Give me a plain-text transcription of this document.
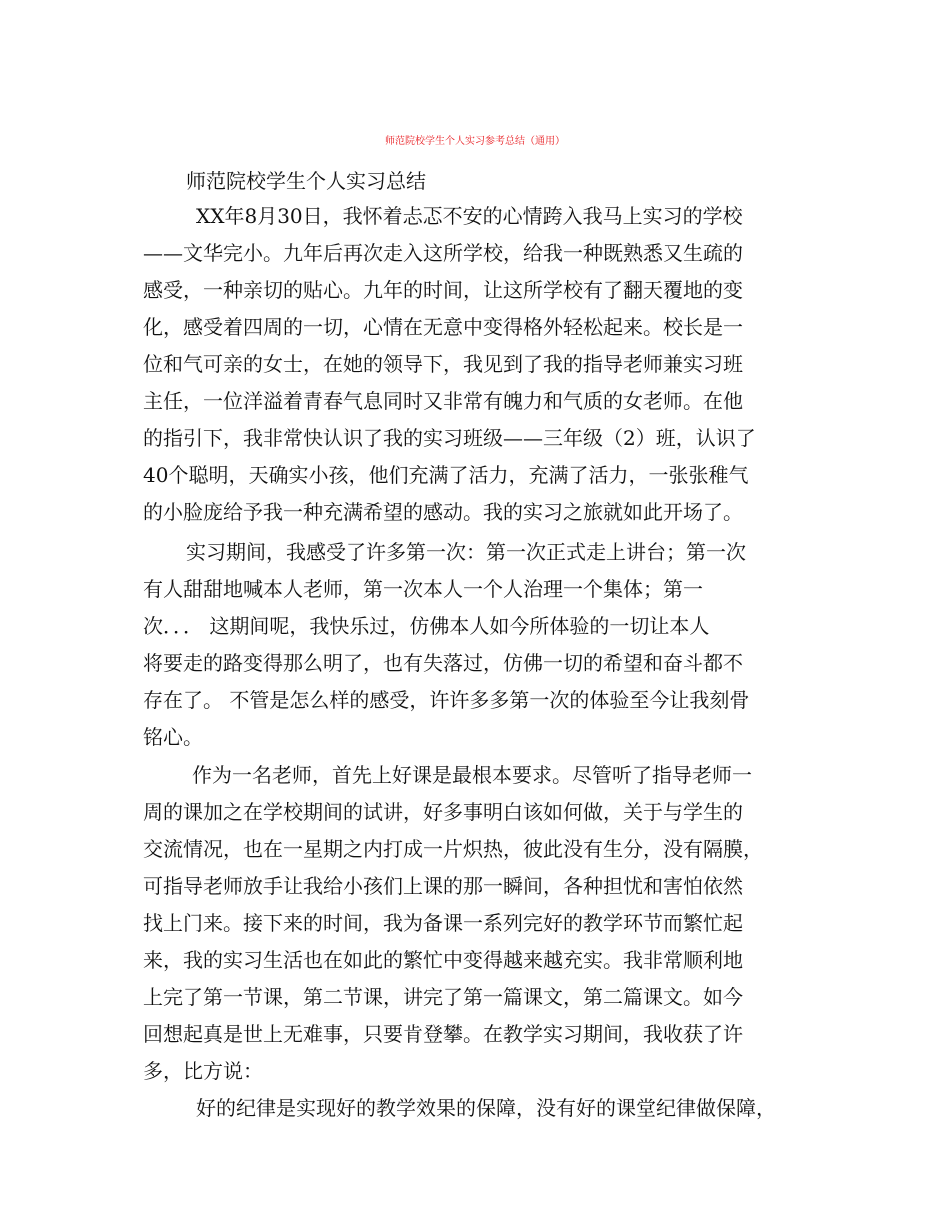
师范院校学生个人实习参考总结（通用）

师范院校学生个人实习总结

XX年8月30日，我怀着忐忑不安的心情跨入我马上实习的学校

——文华完小。九年后再次走入这所学校，给我一种既熟悉又生疏的

感受，一种亲切的贴心。九年的时间，让这所学校有了翻天覆地的变

化，感受着四周的一切，心情在无意中变得格外轻松起来。校长是一

位和气可亲的女士，在她的领导下，我见到了我的指导老师兼实习班

主任，一位洋溢着青春气息同时又非常有魄力和气质的女老师。在他

的指引下，我非常快认识了我的实习班级——三年级（2）班，认识了

40个聪明，天确实小孩，他们充满了活力，充满了活力，一张张稚气

的小脸庞给予我一种充满希望的感动。我的实习之旅就如此开场了。

实习期间，我感受了许多第一次：第一次正式走上讲台；第一次

有人甜甜地喊本人老师，第一次本人一个人治理一个集体；第一

次．．． 这期间呢，我快乐过，仿佛本人如今所体验的一切让本人

将要走的路变得那么明了，也有失落过，仿佛一切的希望和奋斗都不

存在了。 不管是怎么样的感受，许许多多第一次的体验至今让我刻骨

铭心。

作为一名老师，首先上好课是最根本要求。尽管听了指导老师一

周的课加之在学校期间的试讲，好多事明白该如何做，关于与学生的

交流情况，也在一星期之内打成一片炽热，彼此没有生分，没有隔膜，

可指导老师放手让我给小孩们上课的那一瞬间，各种担忧和害怕依然

找上门来。接下来的时间，我为备课一系列完好的教学环节而繁忙起

来，我的实习生活也在如此的繁忙中变得越来越充实。我非常顺利地

上完了第一节课，第二节课，讲完了第一篇课文，第二篇课文。如今

回想起真是世上无难事，只要肯登攀。在教学实习期间，我收获了许

多，比方说：

好的纪律是实现好的教学效果的保障，没有好的课堂纪律做保障，
